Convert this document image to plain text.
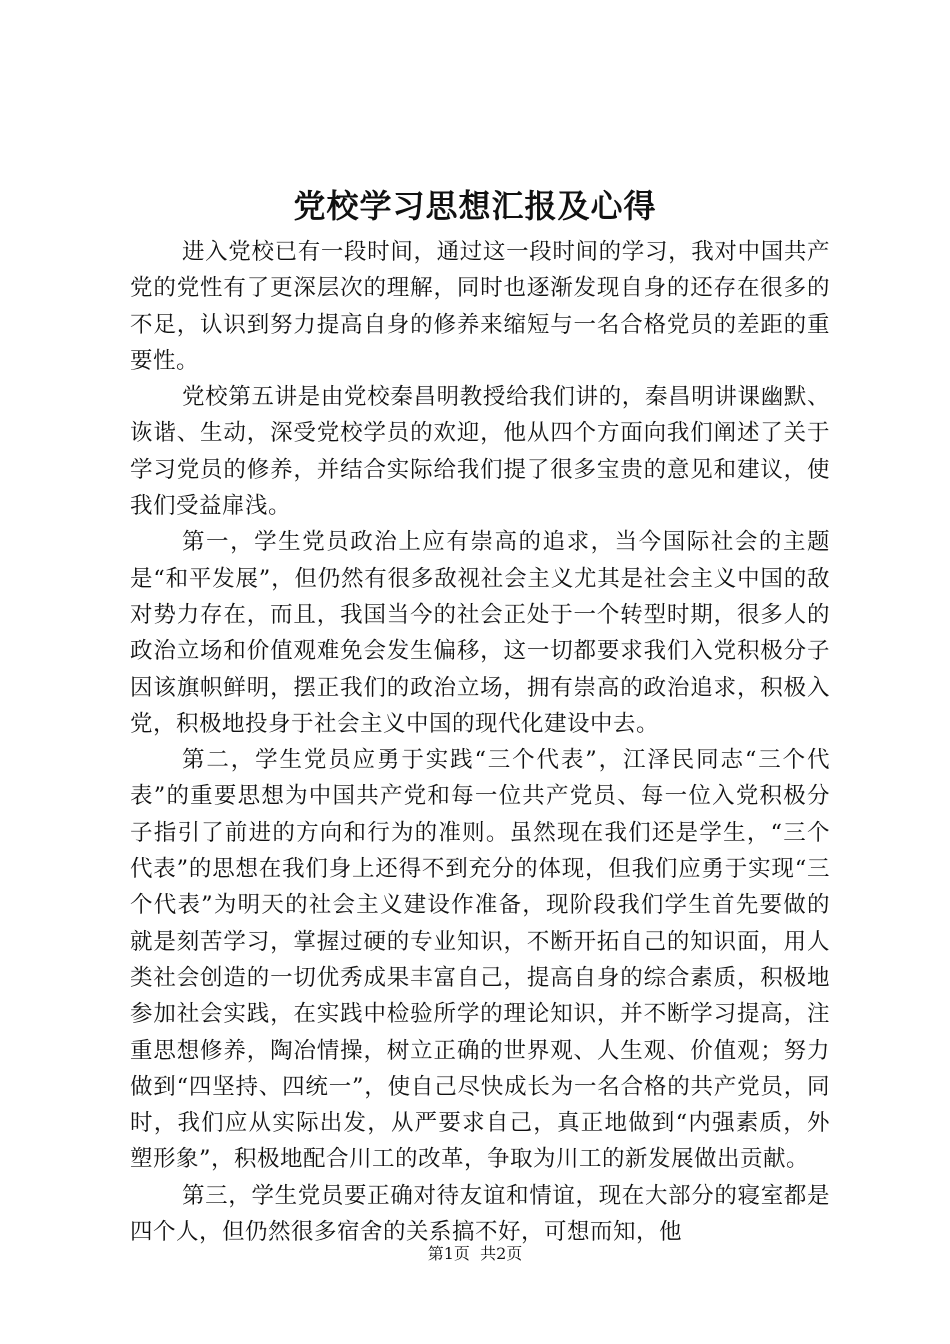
党校学习思想汇报及心得

进入党校已有一段时间，通过这一段时间的学习，我对中国共产党的党性有了更深层次的理解，同时也逐渐发现自身的还存在很多的不足，认识到努力提高自身的修养来缩短与一名合格党员的差距的重要性。

党校第五讲是由党校秦昌明教授给我们讲的，秦昌明讲课幽默、诙谐、生动，深受党校学员的欢迎，他从四个方面向我们阐述了关于学习党员的修养，并结合实际给我们提了很多宝贵的意见和建议，使我们受益扉浅。

第一，学生党员政治上应有崇高的追求，当今国际社会的主题是“和平发展”，但仍然有很多敌视社会主义尤其是社会主义中国的敌对势力存在，而且，我国当今的社会正处于一个转型时期，很多人的政治立场和价值观难免会发生偏移，这一切都要求我们入党积极分子因该旗帜鲜明，摆正我们的政治立场，拥有崇高的政治追求，积极入党，积极地投身于社会主义中国的现代化建设中去。

第二，学生党员应勇于实践“三个代表”，江泽民同志“三个代表”的重要思想为中国共产党和每一位共产党员、每一位入党积极分子指引了前进的方向和行为的准则。虽然现在我们还是学生，“三个代表”的思想在我们身上还得不到充分的体现，但我们应勇于实现“三个代表”为明天的社会主义建设作准备，现阶段我们学生首先要做的就是刻苦学习，掌握过硬的专业知识，不断开拓自己的知识面，用人类社会创造的一切优秀成果丰富自己，提高自身的综合素质，积极地参加社会实践，在实践中检验所学的理论知识，并不断学习提高，注重思想修养，陶冶情操，树立正确的世界观、人生观、价值观；努力做到“四坚持、四统一”，使自己尽快成长为一名合格的共产党员，同时，我们应从实际出发，从严要求自己，真正地做到“内强素质，外塑形象”，积极地配合川工的改革，争取为川工的新发展做出贡献。

第三，学生党员要正确对待友谊和情谊，现在大部分的寝室都是四个人，但仍然很多宿舍的关系搞不好，可想而知，他

第1页  共2页
